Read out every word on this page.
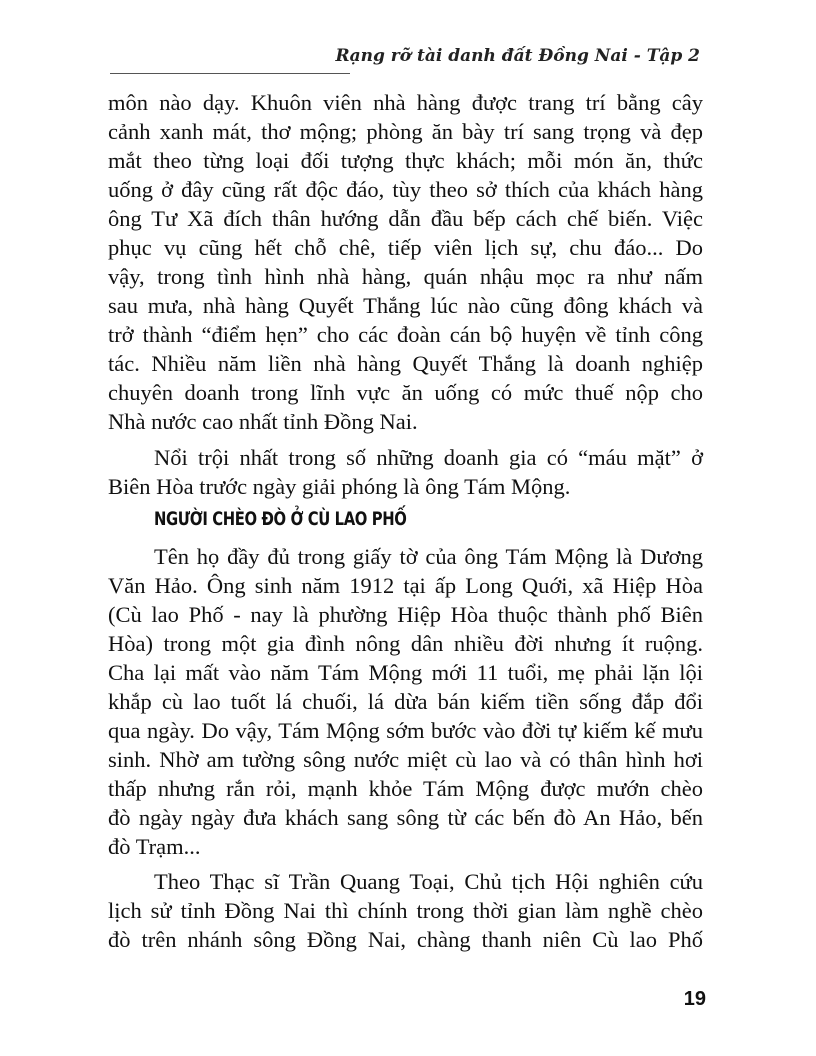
Rạng rỡ tài danh đất Đồng Nai - Tập 2
môn nào dạy. Khuôn viên nhà hàng được trang trí bằng cây
cảnh xanh mát, thơ mộng; phòng ăn bày trí sang trọng và đẹp
mắt theo từng loại đối tượng thực khách; mỗi món ăn, thức
uống ở đây cũng rất độc đáo, tùy theo sở thích của khách hàng
ông Tư Xã đích thân hướng dẫn đầu bếp cách chế biến. Việc
phục vụ cũng hết chỗ chê, tiếp viên lịch sự, chu đáo... Do
vậy, trong tình hình nhà hàng, quán nhậu mọc ra như nấm
sau mưa, nhà hàng Quyết Thắng lúc nào cũng đông khách và
trở thành “điểm hẹn” cho các đoàn cán bộ huyện về tỉnh công
tác. Nhiều năm liền nhà hàng Quyết Thắng là doanh nghiệp
chuyên doanh trong lĩnh vực ăn uống có mức thuế nộp cho
Nhà nước cao nhất tỉnh Đồng Nai.
Nổi trội nhất trong số những doanh gia có “máu mặt” ở
Biên Hòa trước ngày giải phóng là ông Tám Mộng.
Tên họ đầy đủ trong giấy tờ của ông Tám Mộng là Dương
Văn Hảo. Ông sinh năm 1912 tại ấp Long Quới, xã Hiệp Hòa
(Cù lao Phố - nay là phường Hiệp Hòa thuộc thành phố Biên
Hòa) trong một gia đình nông dân nhiều đời nhưng ít ruộng.
Cha lại mất vào năm Tám Mộng mới 11 tuổi, mẹ phải lặn lội
khắp cù lao tuốt lá chuối, lá dừa bán kiếm tiền sống đắp đổi
qua ngày. Do vậy, Tám Mộng sớm bước vào đời tự kiếm kế mưu
sinh. Nhờ am tường sông nước miệt cù lao và có thân hình hơi
thấp nhưng rắn rỏi, mạnh khỏe Tám Mộng được mướn chèo
đò ngày ngày đưa khách sang sông từ các bến đò An Hảo, bến
đò Trạm...
Theo Thạc sĩ Trần Quang Toại, Chủ tịch Hội nghiên cứu
lịch sử tỉnh Đồng Nai thì chính trong thời gian làm nghề chèo
đò trên nhánh sông Đồng Nai, chàng thanh niên Cù lao Phố
NGƯỜI CHÈO ĐÒ Ở CÙ LAO PHỐ
19
